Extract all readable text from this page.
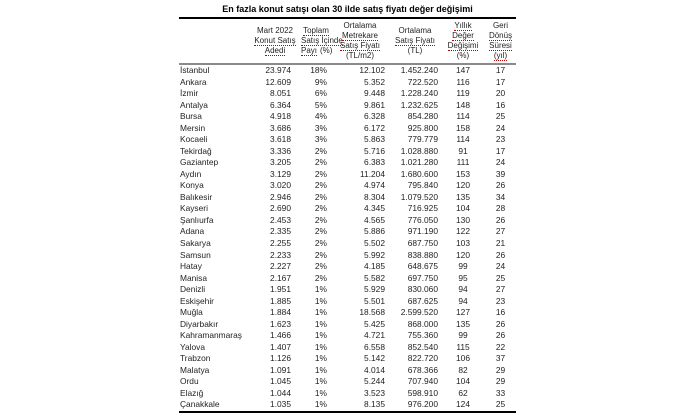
En fazla konut satışı olan 30 ilde satış fiyatı değer değişimi

Mart 2022
Konut Satış
Adedi

Toplam
Satış İçinde
Payı (%)

Ortalama
Metrekare
Satış Fiyatı
(TL/m2)

Ortalama
Satış Fiyatı
(TL)

Yıllık
Değer
Değişimi
(%)

Geri
Dönüş
Süresi
(yıl)

İstanbul	23.974	18%	12.102	1.452.240	147	17
Ankara	12.609	9%	5.352	722.520	116	17
İzmir	8.051	6%	9.448	1.228.240	119	20
Antalya	6.364	5%	9.861	1.232.625	148	16
Bursa	4.918	4%	6.328	854.280	114	25
Mersin	3.686	3%	6.172	925.800	158	24
Kocaeli	3.618	3%	5.863	779.779	114	23
Tekirdağ	3.336	2%	5.716	1.028.880	91	17
Gaziantep	3.205	2%	6.383	1.021.280	111	24
Aydın	3.129	2%	11.204	1.680.600	153	39
Konya	3.020	2%	4.974	795.840	120	26
Balıkesir	2.946	2%	8.304	1.079.520	135	34
Kayseri	2.690	2%	4.345	716.925	104	28
Şanlıurfa	2.453	2%	4.565	776.050	130	26
Adana	2.335	2%	5.886	971.190	122	27
Sakarya	2.255	2%	5.502	687.750	103	21
Samsun	2.233	2%	5.992	838.880	120	26
Hatay	2.227	2%	4.185	648.675	99	24
Manisa	2.167	2%	5.582	697.750	95	25
Denizli	1.951	1%	5.929	830.060	94	27
Eskişehir	1.885	1%	5.501	687.625	94	23
Muğla	1.884	1%	18.568	2.599.520	127	16
Diyarbakır	1.623	1%	5.425	868.000	135	26
Kahramanmaraş	1.466	1%	4.721	755.360	99	26
Yalova	1.407	1%	6.558	852.540	115	22
Trabzon	1.126	1%	5.142	822.720	106	37
Malatya	1.091	1%	4.014	678.366	82	29
Ordu	1.045	1%	5.244	707.940	104	29
Elazığ	1.044	1%	3.523	598.910	62	33
Çanakkale	1.035	1%	8.135	976.200	124	25
